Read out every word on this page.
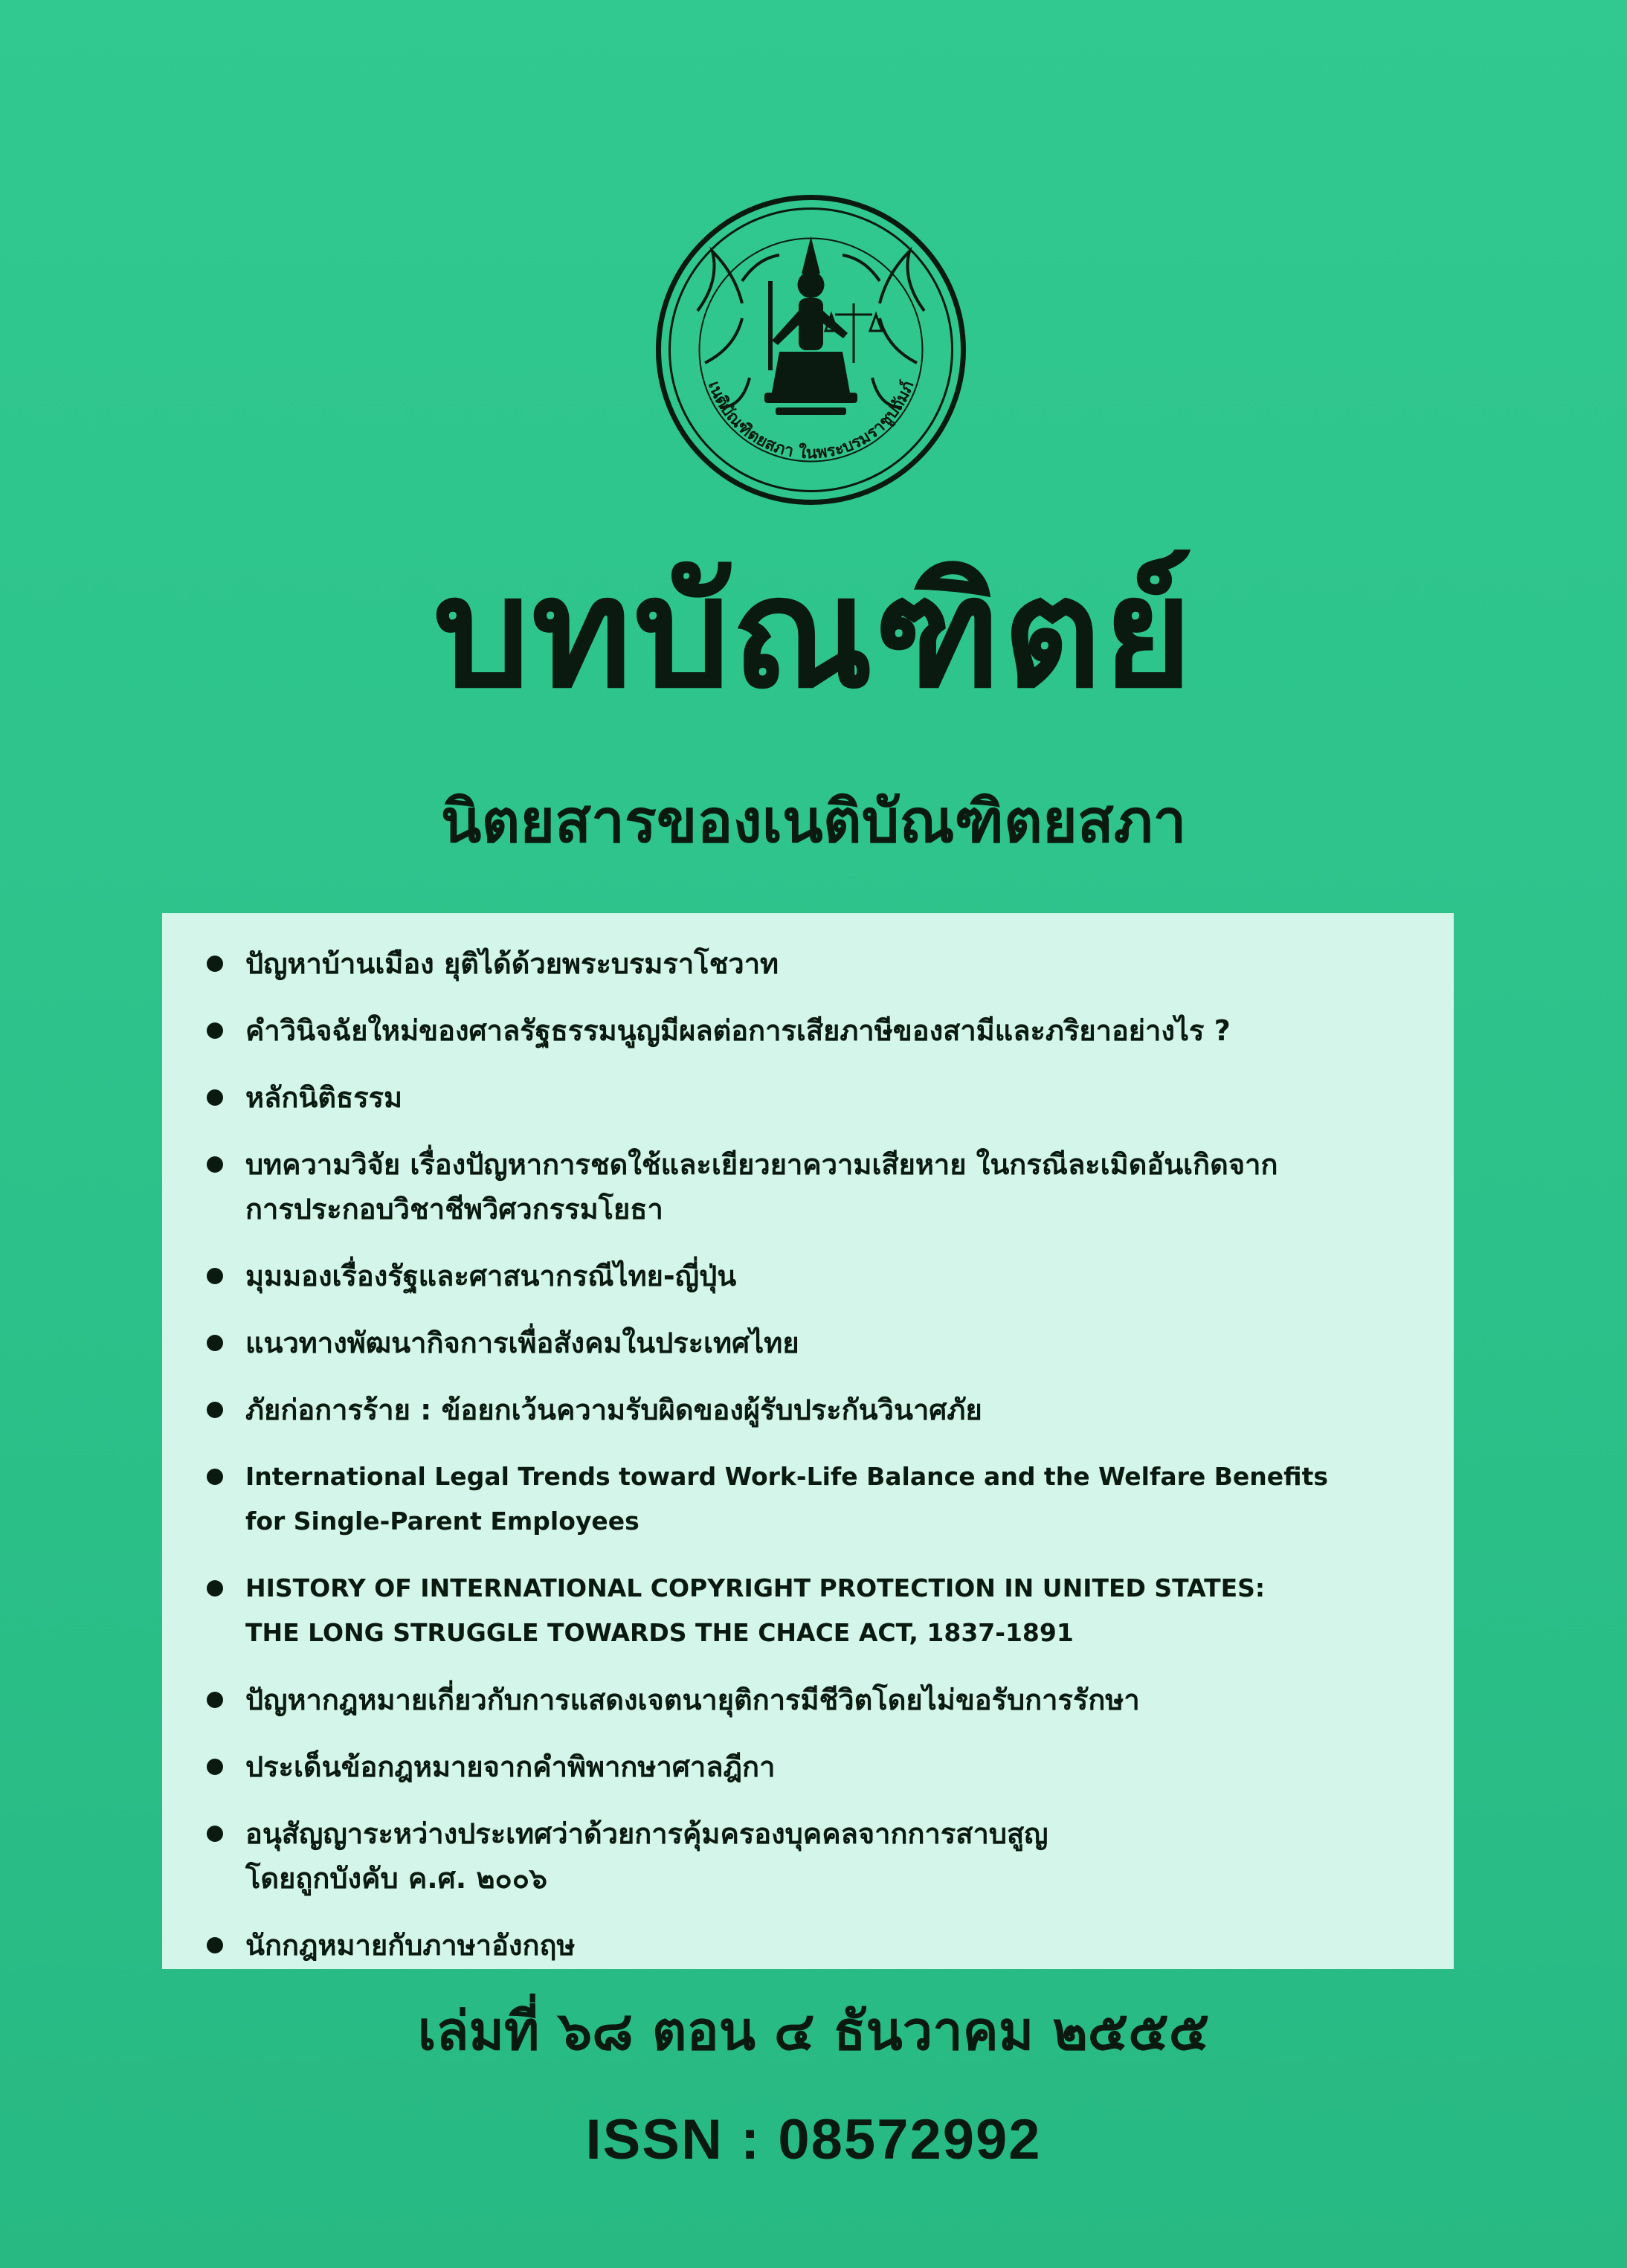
เนติบัณฑิตยสภา ในพระบรมราชูปถัมภ์
บทบัณฑิตย์
นิตยสารของเนติบัณฑิตยสภา
ปัญหาบ้านเมือง ยุติได้ด้วยพระบรมราโชวาท
คำวินิจฉัยใหม่ของศาลรัฐธรรมนูญมีผลต่อการเสียภาษีของสามีและภริยาอย่างไร ?
หลักนิติธรรม
บทความวิจัย เรื่องปัญหาการชดใช้และเยียวยาความเสียหาย ในกรณีละเมิดอันเกิดจาก
การประกอบวิชาชีพวิศวกรรมโยธา
มุมมองเรื่องรัฐและศาสนากรณีไทย-ญี่ปุ่น
แนวทางพัฒนากิจการเพื่อสังคมในประเทศไทย
ภัยก่อการร้าย : ข้อยกเว้นความรับผิดของผู้รับประกันวินาศภัย
International Legal Trends toward Work-Life Balance and the Welfare Benefits
for Single-Parent Employees
HISTORY OF INTERNATIONAL COPYRIGHT PROTECTION IN UNITED STATES:
THE LONG STRUGGLE TOWARDS THE CHACE ACT, 1837-1891
ปัญหากฎหมายเกี่ยวกับการแสดงเจตนายุติการมีชีวิตโดยไม่ขอรับการรักษา
ประเด็นข้อกฎหมายจากคำพิพากษาศาลฎีกา
อนุสัญญาระหว่างประเทศว่าด้วยการคุ้มครองบุคคลจากการสาบสูญ
โดยถูกบังคับ ค.ศ. ๒๐๐๖
นักกฎหมายกับภาษาอังกฤษ
เล่มที่ ๖๘ ตอน ๔ ธันวาคม ๒๕๕๕
ISSN : 08572992
